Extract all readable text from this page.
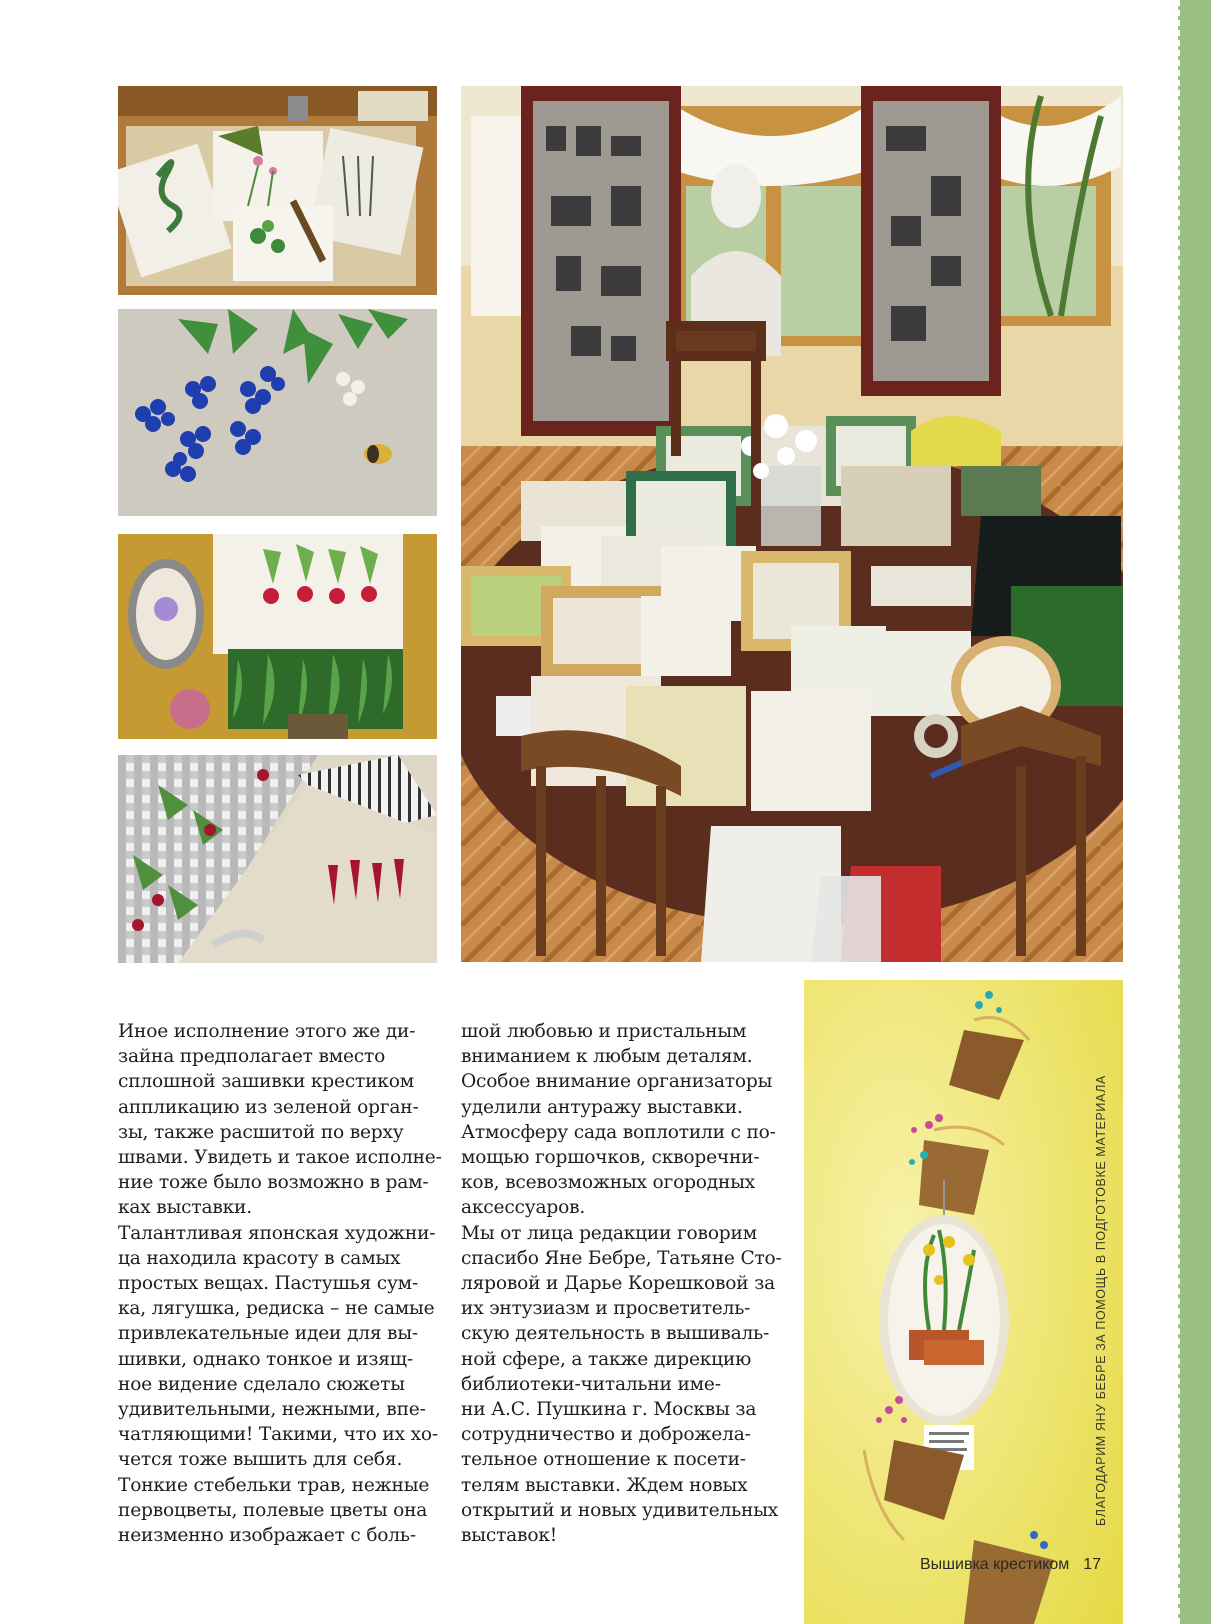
Иное исполнение этого же ди-
зайна предполагает вместо
сплошной зашивки крестиком
аппликацию из зеленой орган-
зы, также расшитой по верху
швами. Увидеть и такое исполне-
ние тоже было возможно в рам-
ках выставки.
Талантливая японская художни-
ца находила красоту в самых
простых вещах. Пастушья сум-
ка, лягушка, редиска – не самые
привлекательные идеи для вы-
шивки, однако тонкое и изящ-
ное видение сделало сюжеты
удивительными, нежными, впе-
чатляющими! Такими, что их хо-
чется тоже вышить для себя.
Тонкие стебельки трав, нежные
первоцветы, полевые цветы она
неизменно изображает с боль-
шой любовью и пристальным
вниманием к любым деталям.
Особое внимание организаторы
уделили антуражу выставки.
Атмосферу сада воплотили с по-
мощью горшочков, скворечни-
ков, всевозможных огородных
аксессуаров.
Мы от лица редакции говорим
спасибо Яне Бебре, Татьяне Сто-
ляровой и Дарье Корешковой за
их энтузиазм и просветитель-
скую деятельность в вышиваль-
ной сфере, а также дирекцию
библиотеки-читальни име-
ни А.С. Пушкина г. Москвы за
сотрудничество и доброжела-
тельное отношение к посети-
телям выставки. Ждем новых
открытий и новых удивительных
выставок!
БЛАГОДАРИМ ЯНУ БЕБРЕ ЗА ПОМОЩЬ В ПОДГОТОВКЕ МАТЕРИАЛА
Вышивка крестиком 17
